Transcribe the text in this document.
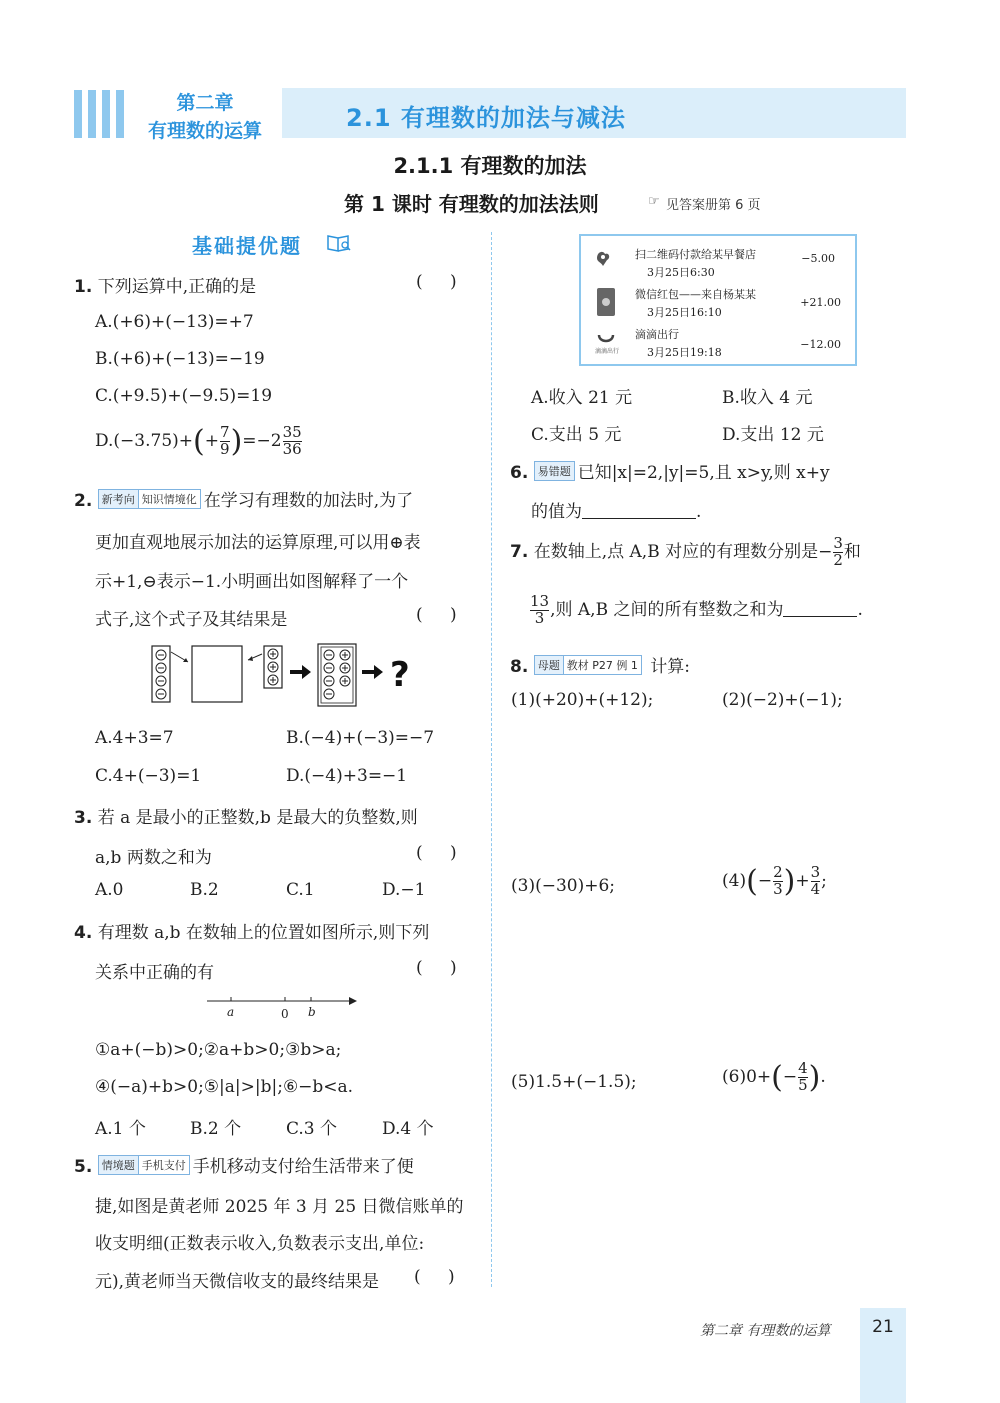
第二章
有理数的运算	2.1 有理数的加法与减法
2.1.1 有理数的加法
第 1 课时 有理数的加法法则	☞ 见答案册第 6 页
基础提优题
1. 下列运算中,正确的是	( )
A.(+6)+(−13)=+7
B.(+6)+(−13)=−19
C.(+9.5)+(−9.5)=19
$D.(-3.75)+(+ \frac{7}{9} )=-2 \frac{35}{36}$
2. 新考向 知识情境化 在学习有理数的加法时,为了
更加直观地展示加法的运算原理,可以用⊕表
示+1,⊖表示−1.小明画出如图解释了一个
式子,这个式子及其结果是	( )
?
A.4+3=7	B.(−4)+(−3)=−7
C.4+(−3)=1	D.(−4)+3=−1
3. 若 a 是最小的正整数,b 是最大的负整数,则
a,b 两数之和为	( )
A.0	B.2	C.1	D.−1
4. 有理数 a,b 在数轴上的位置如图所示,则下列
关系中正确的有	( )
a	0 b
①a+(−b)>0;②a+b>0;③b>a;
④(−a)+b>0;⑤|a|>|b|;⑥−b<a.
A.1 个	B.2 个	C.3 个	D.4 个
5. 情境题 手机支付 手机移动支付给生活带来了便
捷,如图是黄老师 2025 年 3 月 25 日微信账单的
收支明细(正数表示收入,负数表示支出,单位:
元),黄老师当天微信收支的最终结果是 ( )
扫二维码付款给某早餐店
3月25日6:30
−5.00
微信红包——来自杨某某
3月25日16:10
+21.00
滴滴出行
滴滴出行
3月25日19:18
−12.00
A.收入 21 元	B.收入 4 元
C.支出 5 元	D.支出 12 元
6. 易错题 已知|x|=2,|y|=5,且 x>y,则 x+y
的值为	.
7. 在数轴上,点 A,B 对应的有理数分别是− $\frac{3}{2}$ 和
$\frac{13}{3}$ ,则 A,B 之间的所有整数之和为	.
8. 母题 教材 P27 例 1 计算:
(1)(+20)+(+12);	(2)(−2)+(−1);
(3)(−30)+6;	$(4)(- \frac{2}{3}$ )+ $\frac{3}{4}$ ;
(5)1.5+(−1.5);	$(6)0+(- \frac{4}{5}$ ).
第二章 有理数的运算	21
